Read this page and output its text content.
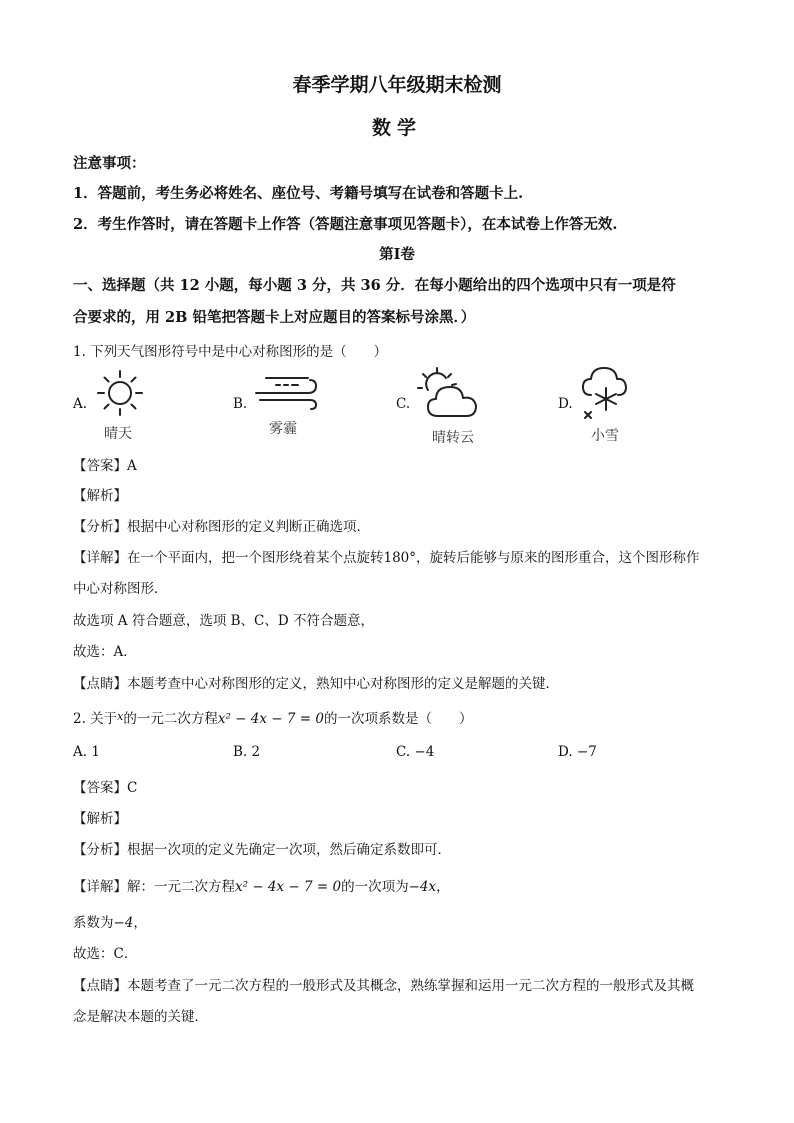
春季学期八年级期末检测
数学
注意事项：
1．答题前，考生务必将姓名、座位号、考籍号填写在试卷和答题卡上.
2．考生作答时，请在答题卡上作答（答题注意事项见答题卡），在本试卷上作答无效.
第Ⅰ卷
一、选择题（共 12 小题，每小题 3 分，共 36 分．在每小题给出的四个选项中只有一项是符
合要求的，用 2B 铅笔把答题卡上对应题目的答案标号涂黑．）
1. 下列天气图形符号中是中心对称图形的是（　　）
A.
晴天
B.
雾霾
C.
晴转云
D.
小雪
【答案】A
【解析】
【分析】根据中心对称图形的定义判断正确选项．
【详解】在一个平面内，把一个图形绕着某个点旋转180°，旋转后能够与原来的图形重合，这个图形称作
中心对称图形．
故选项 A 符合题意，选项 B、C、D 不符合题意，
故选：A．
【点睛】本题考查中心对称图形的定义，熟知中心对称图形的定义是解题的关键．
2. 关于$^x$的一元二次方程x² − 4x − 7 = 0的一次项系数是（　　）
A. 1	B. 2	C. −4	D. −7
【答案】C
【解析】
【分析】根据一次项的定义先确定一次项，然后确定系数即可．
【详解】解：一元二次方程x² − 4x − 7 = 0的一次项为−4x，
系数为−4，
故选：C．
【点睛】本题考查了一元二次方程的一般形式及其概念，熟练掌握和运用一元二次方程的一般形式及其概
念是解决本题的关键．
